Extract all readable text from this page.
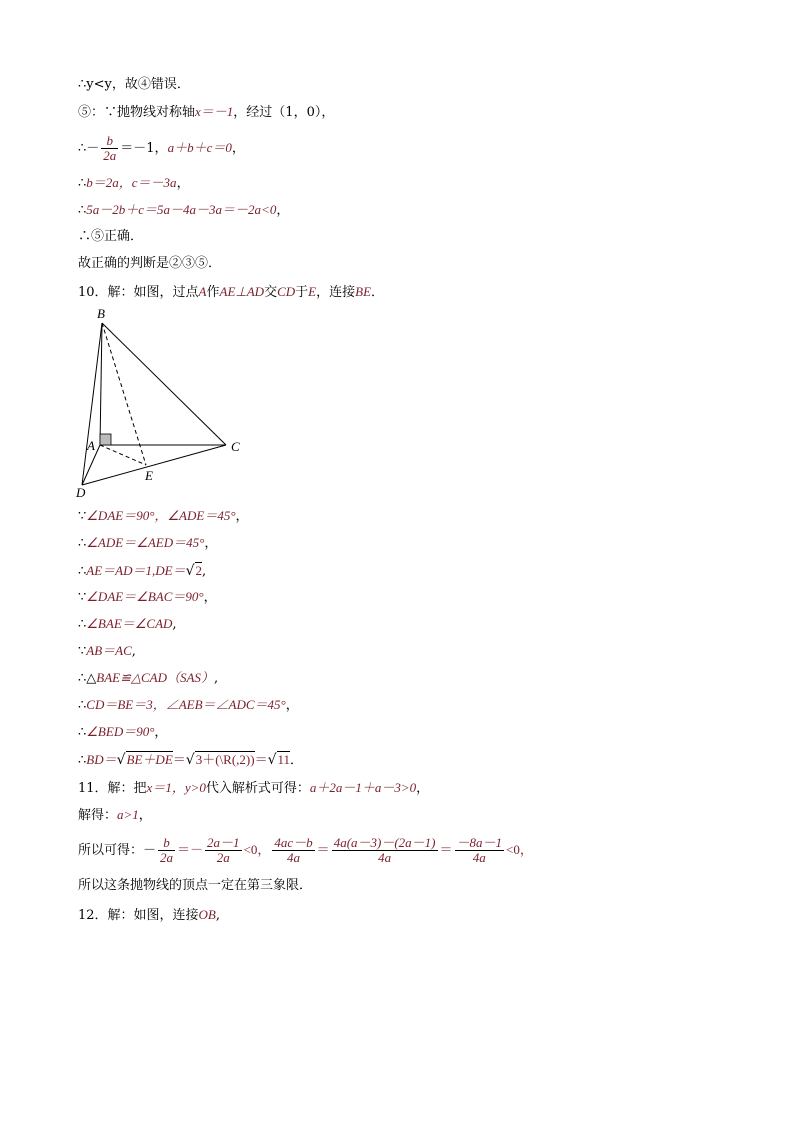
∴y<y，故④错误．
⑤：∵抛物线对称轴x＝－1，经过（1，0），
∴－ $\frac{b}{2a} =-1$，a＋b＋c＝0，
∴b＝2a，c＝－3a，
∴5a－2b＋c＝5a－4a－3a＝－2a<0，
∴⑤正确．
故正确的判断是②③⑤．
10．解：如图，过点A作AE⊥AD交CD于E，连接BE．
B
A	C
E
D
∵∠DAE＝90°，∠ADE＝45°，
∴∠ADE＝∠AED＝45°，
∴AE＝AD＝1,DE＝√2,
∵∠DAE＝∠BAC＝90°，
∴∠BAE＝∠CAD,
∵AB＝AC,
∴△BAE≌△CAD（SAS）,
∴CD＝BE＝3，∠AEB＝∠ADC＝45°，
∴∠BED＝90°，
∴BD＝√BE＋DE＝√3＋(\R(,2))＝√11．
11．解：把x＝1，y>0代入解析式可得：a＋2a－1＋a－3>0，
解得：a>1，
所以可得：－ $\frac{b}{2a} =- \frac{2a-1}{2a} <0$， $\frac{4ac-b}{4a} = \frac{4a(a-3)-(2a-1)}{4a} = \frac{-8a-1}{4a} <0$，
所以这条抛物线的顶点一定在第三象限．
12．解：如图，连接OB,
